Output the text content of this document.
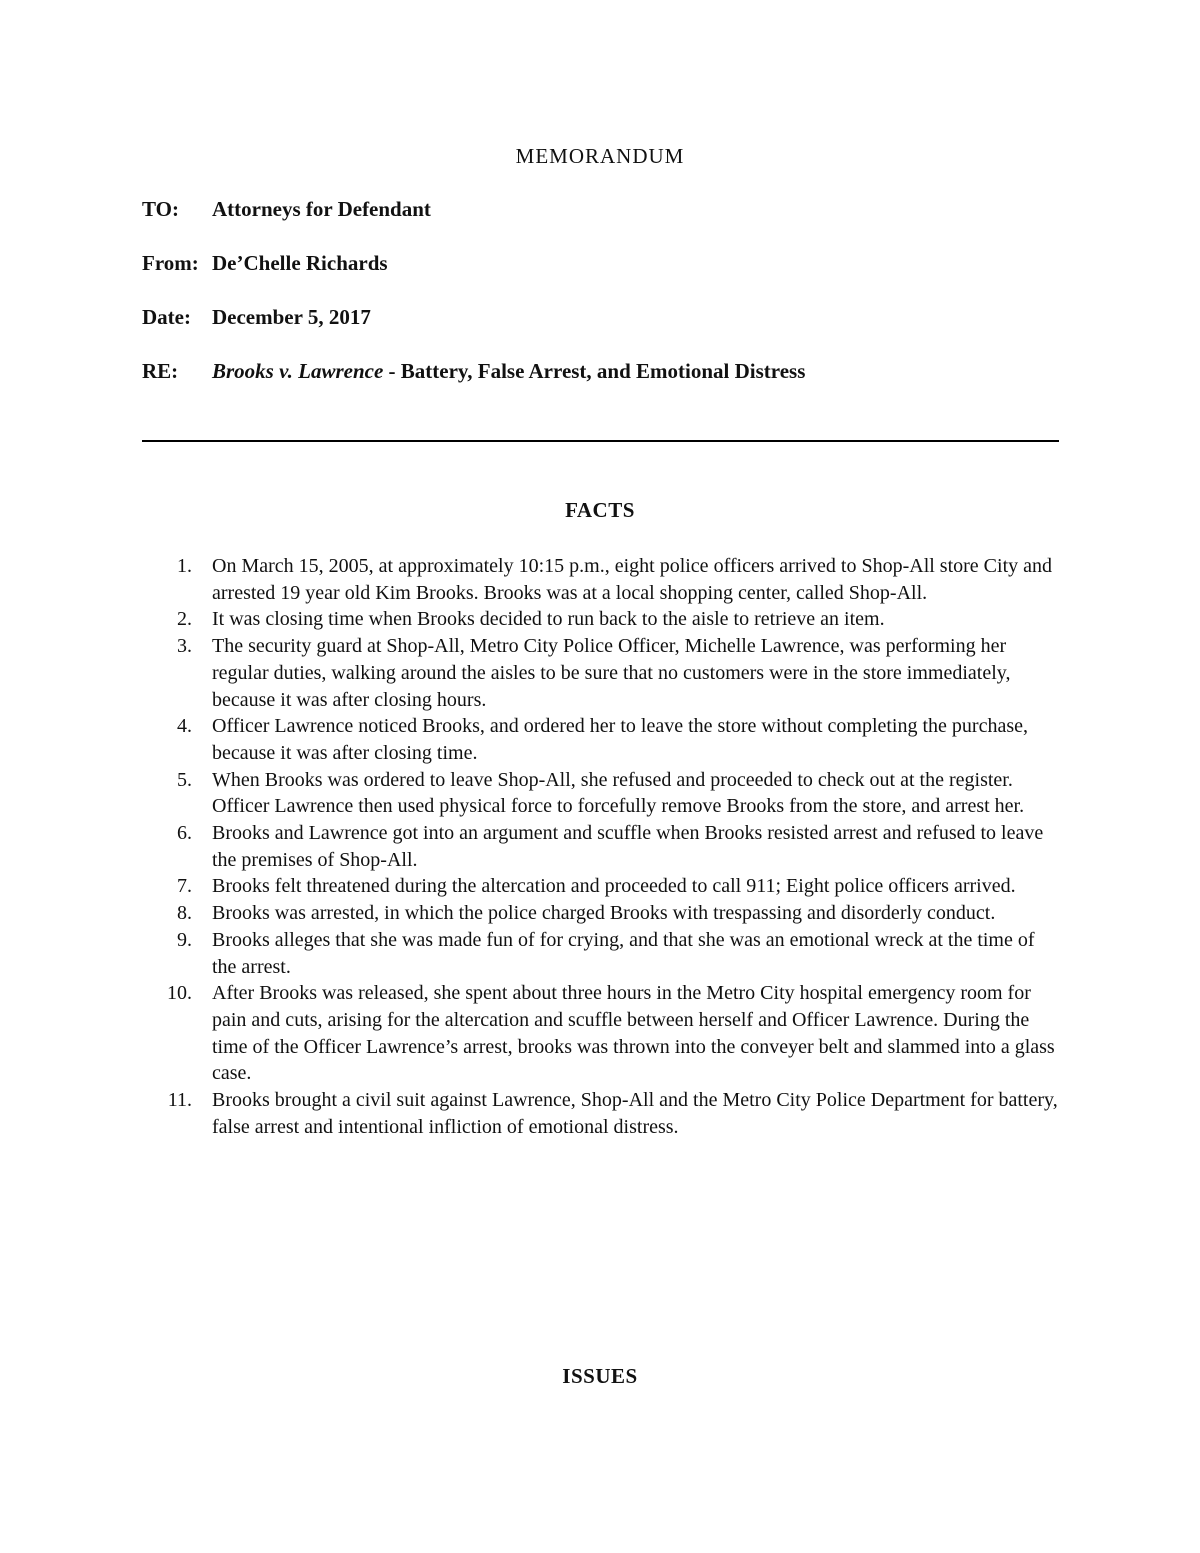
MEMORANDUM
TO: Attorneys for Defendant
From: De’Chelle Richards
Date: December 5, 2017
RE: Brooks v. Lawrence - Battery, False Arrest, and Emotional Distress
FACTS
1. On March 15, 2005, at approximately 10:15 p.m., eight police officers arrived to Shop-All store City and arrested 19 year old Kim Brooks. Brooks was at a local shopping center, called Shop-All.
2. It was closing time when Brooks decided to run back to the aisle to retrieve an item.
3. The security guard at Shop-All, Metro City Police Officer, Michelle Lawrence, was performing her regular duties, walking around the aisles to be sure that no customers were in the store immediately, because it was after closing hours.
4. Officer Lawrence noticed Brooks, and ordered her to leave the store without completing the purchase, because it was after closing time.
5. When Brooks was ordered to leave Shop-All, she refused and proceeded to check out at the register. Officer Lawrence then used physical force to forcefully remove Brooks from the store, and arrest her.
6. Brooks and Lawrence got into an argument and scuffle when Brooks resisted arrest and refused to leave the premises of Shop-All.
7. Brooks felt threatened during the altercation and proceeded to call 911; Eight police officers arrived.
8. Brooks was arrested, in which the police charged Brooks with trespassing and disorderly conduct.
9. Brooks alleges that she was made fun of for crying, and that she was an emotional wreck at the time of the arrest.
10. After Brooks was released, she spent about three hours in the Metro City hospital emergency room for pain and cuts, arising for the altercation and scuffle between herself and Officer Lawrence. During the time of the Officer Lawrence’s arrest, brooks was thrown into the conveyer belt and slammed into a glass case.
11. Brooks brought a civil suit against Lawrence, Shop-All and the Metro City Police Department for battery, false arrest and intentional infliction of emotional distress.
ISSUES
